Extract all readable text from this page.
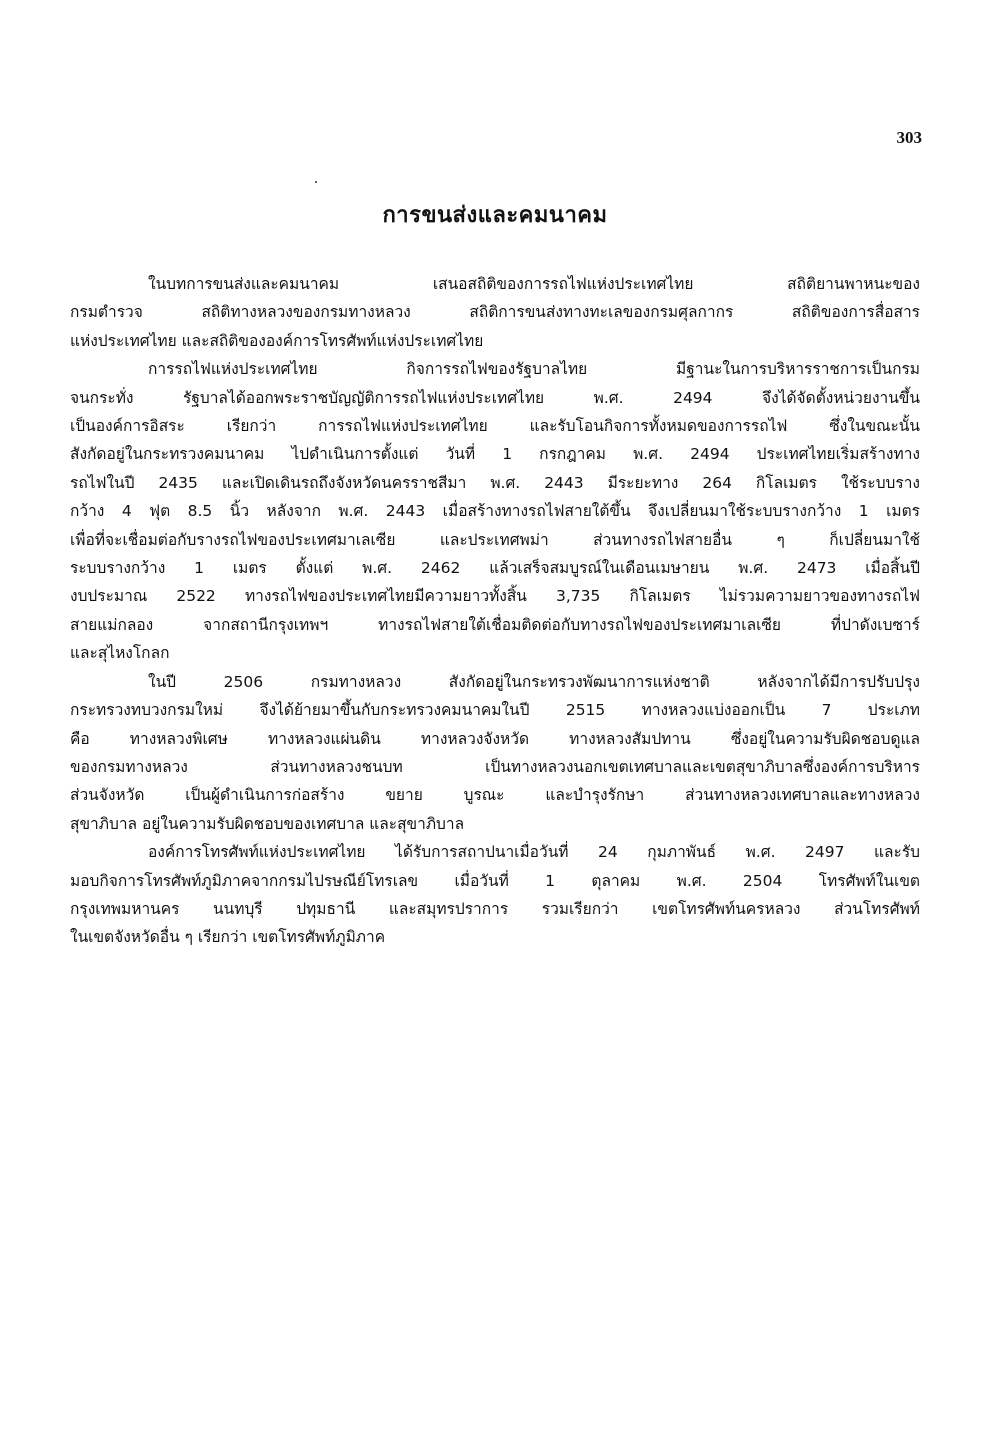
303
การขนส่งและคมนาคม

ในบทการขนส่งและคมนาคม เสนอสถิติของการรถไฟแห่งประเทศไทย สถิติยานพาหนะของ
กรมตำรวจ สถิติทางหลวงของกรมทางหลวง สถิติการขนส่งทางทะเลของกรมศุลกากร สถิติของการสื่อสาร
แห่งประเทศไทย และสถิติขององค์การโทรศัพท์แห่งประเทศไทย

การรถไฟแห่งประเทศไทย กิจการรถไฟของรัฐบาลไทย มีฐานะในการบริหารราชการเป็นกรม
จนกระทั่ง รัฐบาลได้ออกพระราชบัญญัติการรถไฟแห่งประเทศไทย พ.ศ. 2494 จึงได้จัดตั้งหน่วยงานขึ้น
เป็นองค์การอิสระ เรียกว่า การรถไฟแห่งประเทศไทย และรับโอนกิจการทั้งหมดของการรถไฟ ซึ่งในขณะนั้น
สังกัดอยู่ในกระทรวงคมนาคม ไปดำเนินการตั้งแต่ วันที่ 1 กรกฎาคม พ.ศ. 2494 ประเทศไทยเริ่มสร้างทาง
รถไฟในปี 2435 และเปิดเดินรถถึงจังหวัดนครราชสีมา พ.ศ. 2443 มีระยะทาง 264 กิโลเมตร ใช้ระบบราง
กว้าง 4 ฟุต 8.5 นิ้ว หลังจาก พ.ศ. 2443 เมื่อสร้างทางรถไฟสายใต้ขึ้น จึงเปลี่ยนมาใช้ระบบรางกว้าง 1 เมตร
เพื่อที่จะเชื่อมต่อกับรางรถไฟของประเทศมาเลเซีย และประเทศพม่า ส่วนทางรถไฟสายอื่น ๆ ก็เปลี่ยนมาใช้
ระบบรางกว้าง 1 เมตร ตั้งแต่ พ.ศ. 2462 แล้วเสร็จสมบูรณ์ในเดือนเมษายน พ.ศ. 2473 เมื่อสิ้นปี
งบประมาณ 2522 ทางรถไฟของประเทศไทยมีความยาวทั้งสิ้น 3,735 กิโลเมตร ไม่รวมความยาวของทางรถไฟ
สายแม่กลอง จากสถานีกรุงเทพฯ ทางรถไฟสายใต้เชื่อมติดต่อกับทางรถไฟของประเทศมาเลเซีย ที่ปาดังเบซาร์
และสุไหงโกลก

ในปี 2506 กรมทางหลวง สังกัดอยู่ในกระทรวงพัฒนาการแห่งชาติ หลังจากได้มีการปรับปรุง
กระทรวงทบวงกรมใหม่ จึงได้ย้ายมาขึ้นกับกระทรวงคมนาคมในปี 2515 ทางหลวงแบ่งออกเป็น 7 ประเภท
คือ ทางหลวงพิเศษ ทางหลวงแผ่นดิน ทางหลวงจังหวัด ทางหลวงสัมปทาน ซึ่งอยู่ในความรับผิดชอบดูแล
ของกรมทางหลวง ส่วนทางหลวงชนบท เป็นทางหลวงนอกเขตเทศบาลและเขตสุขาภิบาลซึ่งองค์การบริหาร
ส่วนจังหวัด เป็นผู้ดำเนินการก่อสร้าง ขยาย บูรณะ และบำรุงรักษา ส่วนทางหลวงเทศบาลและทางหลวง
สุขาภิบาล อยู่ในความรับผิดชอบของเทศบาล และสุขาภิบาล

องค์การโทรศัพท์แห่งประเทศไทย ได้รับการสถาปนาเมื่อวันที่ 24 กุมภาพันธ์ พ.ศ. 2497 และรับ
มอบกิจการโทรศัพท์ภูมิภาคจากกรมไปรษณีย์โทรเลข เมื่อวันที่ 1 ตุลาคม พ.ศ. 2504 โทรศัพท์ในเขต
กรุงเทพมหานคร นนทบุรี ปทุมธานี และสมุทรปราการ รวมเรียกว่า เขตโทรศัพท์นครหลวง ส่วนโทรศัพท์
ในเขตจังหวัดอื่น ๆ เรียกว่า เขตโทรศัพท์ภูมิภาค
